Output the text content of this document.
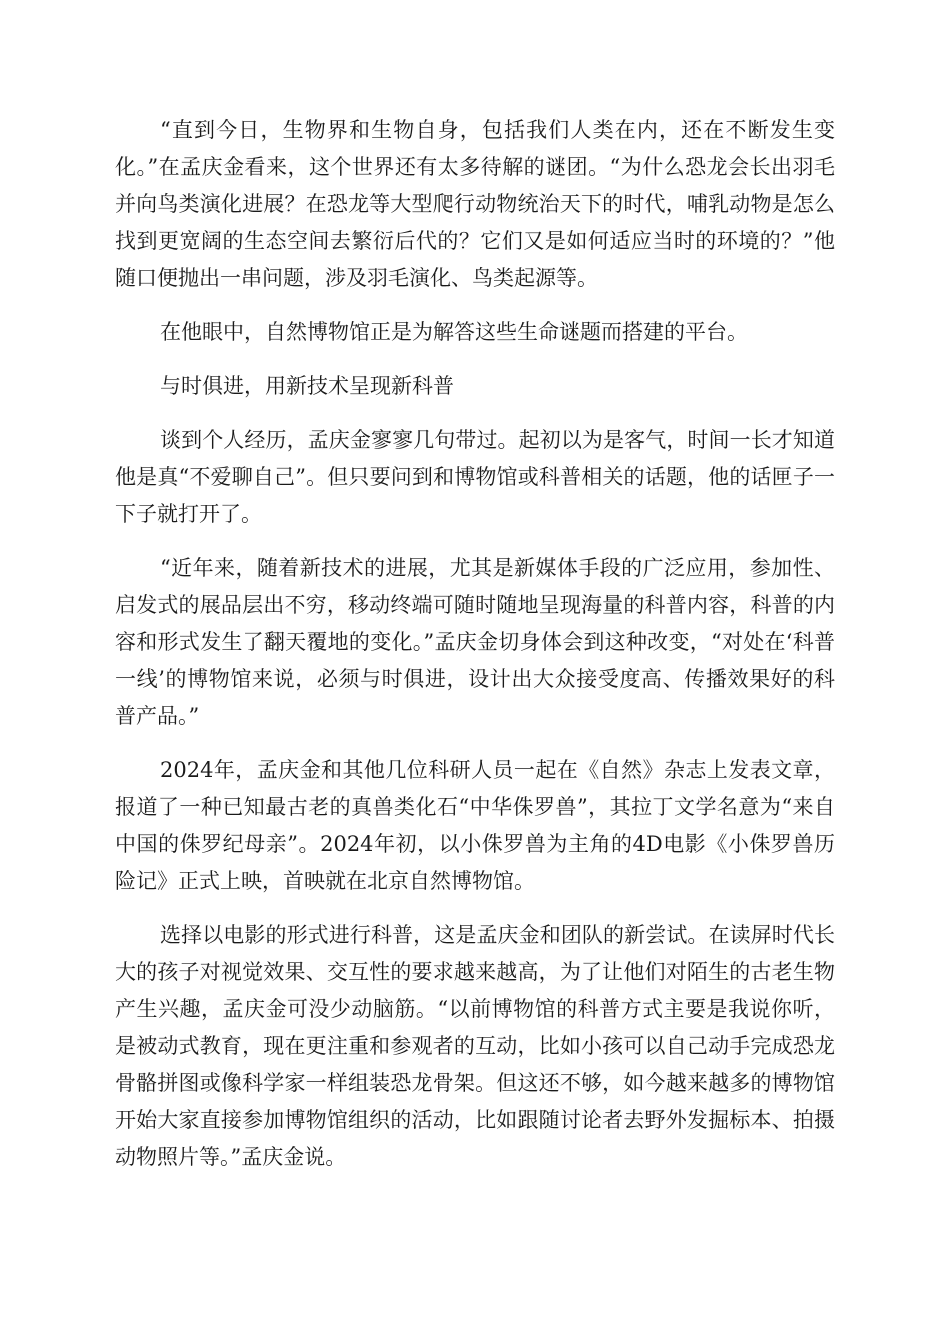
“直到今日，生物界和生物自身，包括我们人类在内，还在不断发生变化。”在孟庆金看来，这个世界还有太多待解的谜团。“为什么恐龙会长出羽毛并向鸟类演化进展？在恐龙等大型爬行动物统治天下的时代，哺乳动物是怎么找到更宽阔的生态空间去繁衍后代的？它们又是如何适应当时的环境的？”他随口便抛出一串问题，涉及羽毛演化、鸟类起源等。

在他眼中，自然博物馆正是为解答这些生命谜题而搭建的平台。

与时俱进，用新技术呈现新科普

谈到个人经历，孟庆金寥寥几句带过。起初以为是客气，时间一长才知道他是真“不爱聊自己”。但只要问到和博物馆或科普相关的话题，他的话匣子一下子就打开了。

“近年来，随着新技术的进展，尤其是新媒体手段的广泛应用，参加性、启发式的展品层出不穷，移动终端可随时随地呈现海量的科普内容，科普的内容和形式发生了翻天覆地的变化。”孟庆金切身体会到这种改变，“对处在‘科普一线’的博物馆来说，必须与时俱进，设计出大众接受度高、传播效果好的科普产品。”

2024年，孟庆金和其他几位科研人员一起在《自然》杂志上发表文章，报道了一种已知最古老的真兽类化石“中华侏罗兽”，其拉丁文学名意为“来自中国的侏罗纪母亲”。2024年初，以小侏罗兽为主角的4D电影《小侏罗兽历险记》正式上映，首映就在北京自然博物馆。

选择以电影的形式进行科普，这是孟庆金和团队的新尝试。在读屏时代长大的孩子对视觉效果、交互性的要求越来越高，为了让他们对陌生的古老生物产生兴趣，孟庆金可没少动脑筋。“以前博物馆的科普方式主要是我说你听，是被动式教育，现在更注重和参观者的互动，比如小孩可以自己动手完成恐龙骨骼拼图或像科学家一样组装恐龙骨架。但这还不够，如今越来越多的博物馆开始大家直接参加博物馆组织的活动，比如跟随讨论者去野外发掘标本、拍摄动物照片等。”孟庆金说。
